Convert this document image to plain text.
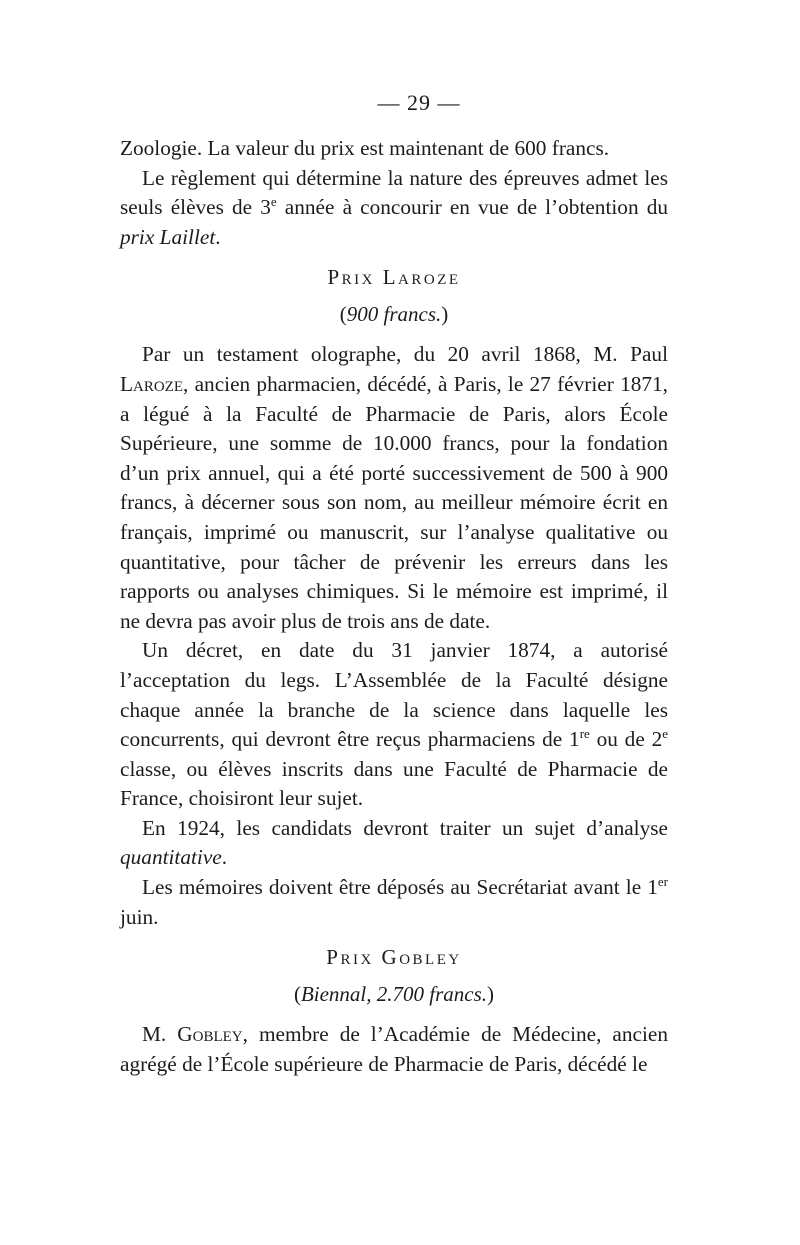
— 29 —

Zoologie. La valeur du prix est maintenant de 600 francs.

Le règlement qui détermine la nature des épreuves admet les seuls élèves de 3e année à concourir en vue de l’obtention du prix Laillet.

Prix Laroze
(900 francs.)

Par un testament olographe, du 20 avril 1868, M. Paul Laroze, ancien pharmacien, décédé, à Paris, le 27 février 1871, a légué à la Faculté de Pharmacie de Paris, alors École Supérieure, une somme de 10.000 francs, pour la fondation d’un prix annuel, qui a été porté successivement de 500 à 900 francs, à décerner sous son nom, au meilleur mémoire écrit en français, imprimé ou manuscrit, sur l’analyse qualitative ou quantitative, pour tâcher de prévenir les erreurs dans les rapports ou analyses chimiques. Si le mémoire est imprimé, il ne devra pas avoir plus de trois ans de date.

Un décret, en date du 31 janvier 1874, a autorisé l’acceptation du legs. L’Assemblée de la Faculté désigne chaque année la branche de la science dans laquelle les concurrents, qui devront être reçus pharmaciens de 1re ou de 2e classe, ou élèves inscrits dans une Faculté de Pharmacie de France, choisiront leur sujet.

En 1924, les candidats devront traiter un sujet d’analyse quantitative.

Les mémoires doivent être déposés au Secrétariat avant le 1er juin.

Prix Gobley
(Biennal, 2.700 francs.)

M. Gobley, membre de l’Académie de Médecine, ancien agrégé de l’École supérieure de Pharmacie de Paris, décédé le
